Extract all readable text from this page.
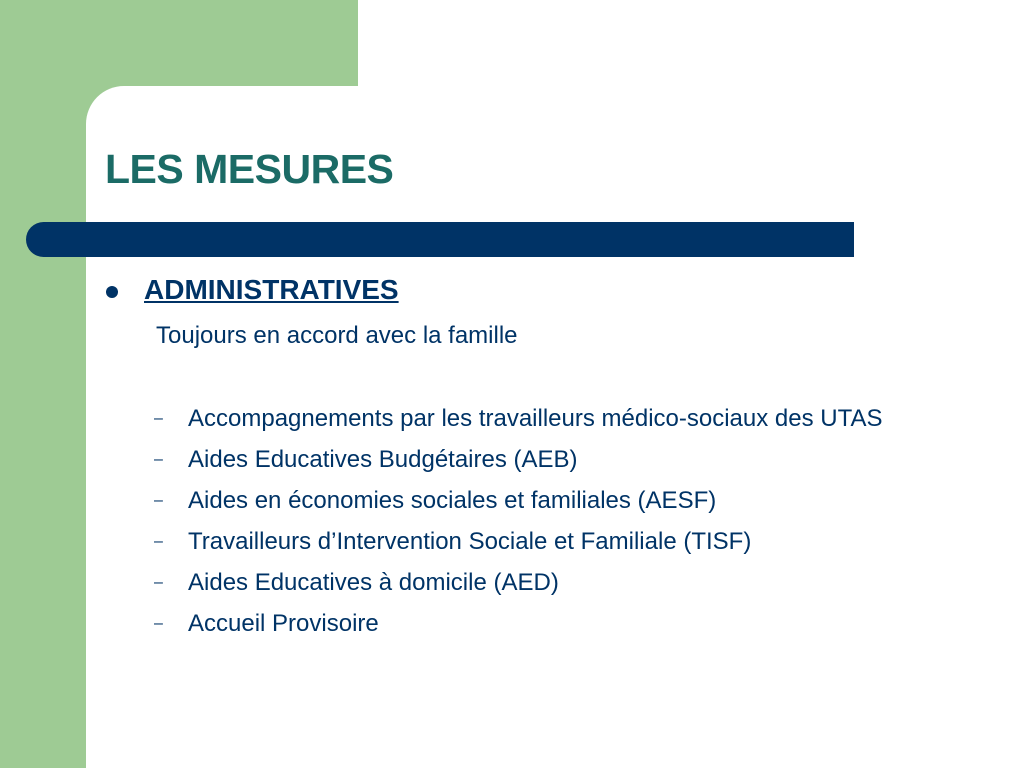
LES MESURES
ADMINISTRATIVES
Toujours en accord avec la famille
–	Accompagnements par les travailleurs médico-sociaux des UTAS
–	Aides Educatives Budgétaires (AEB)
–	Aides en économies sociales et familiales (AESF)
–	Travailleurs d’Intervention Sociale et Familiale (TISF)
–	Aides Educatives à domicile (AED)
–	Accueil Provisoire
